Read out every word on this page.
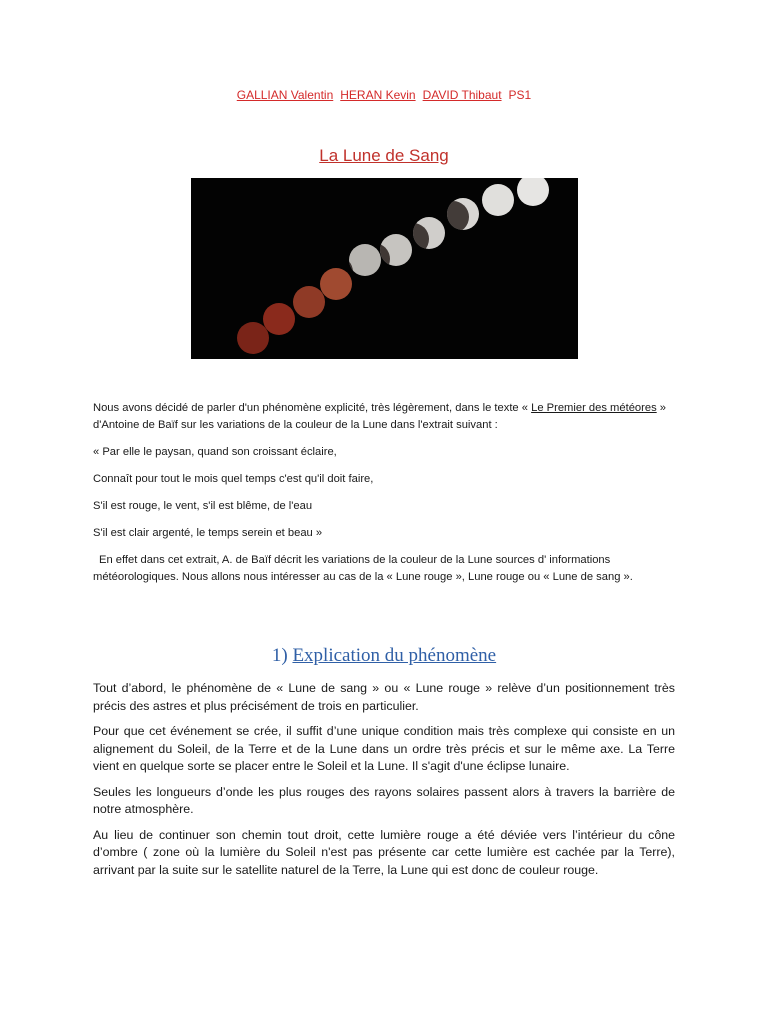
GALLIAN Valentin HERAN Kevin DAVID Thibaut PS1
La Lune de Sang

Nous avons décidé de parler d'un phénomène explicité, très légèrement, dans le texte « Le Premier des météores » d'Antoine de Baïf sur les variations de la couleur de la Lune dans l'extrait suivant :

« Par elle le paysan, quand son croissant éclaire,

Connaît pour tout le mois quel temps c'est qu'il doit faire,

S'il est rouge, le vent, s'il est blême, de l'eau

S'il est clair argenté, le temps serein et beau »

En effet dans cet extrait, A. de Baïf décrit les variations de la couleur de la Lune sources d' informations météorologiques. Nous allons nous intéresser au cas de la « Lune rouge », Lune rouge ou « Lune de sang ».

1) Explication du phénomène

Tout d’abord, le phénomène de « Lune de sang » ou « Lune rouge » relève d’un positionnement très précis des astres et plus précisément de trois en particulier.

Pour que cet événement se crée, il suffit d’une unique condition mais très complexe qui consiste en un alignement du Soleil, de la Terre et de la Lune dans un ordre très précis et sur le même axe. La Terre vient en quelque sorte se placer entre le Soleil et la Lune. Il s'agit d'une éclipse lunaire.

Seules les longueurs d’onde les plus rouges des rayons solaires passent alors à travers la barrière de notre atmosphère.

Au lieu de continuer son chemin tout droit, cette lumière rouge a été déviée vers l’intérieur du cône d’ombre ( zone où la lumière du Soleil n'est pas présente car cette lumière est cachée par la Terre), arrivant par la suite sur le satellite naturel de la Terre, la Lune qui est donc de couleur rouge.
